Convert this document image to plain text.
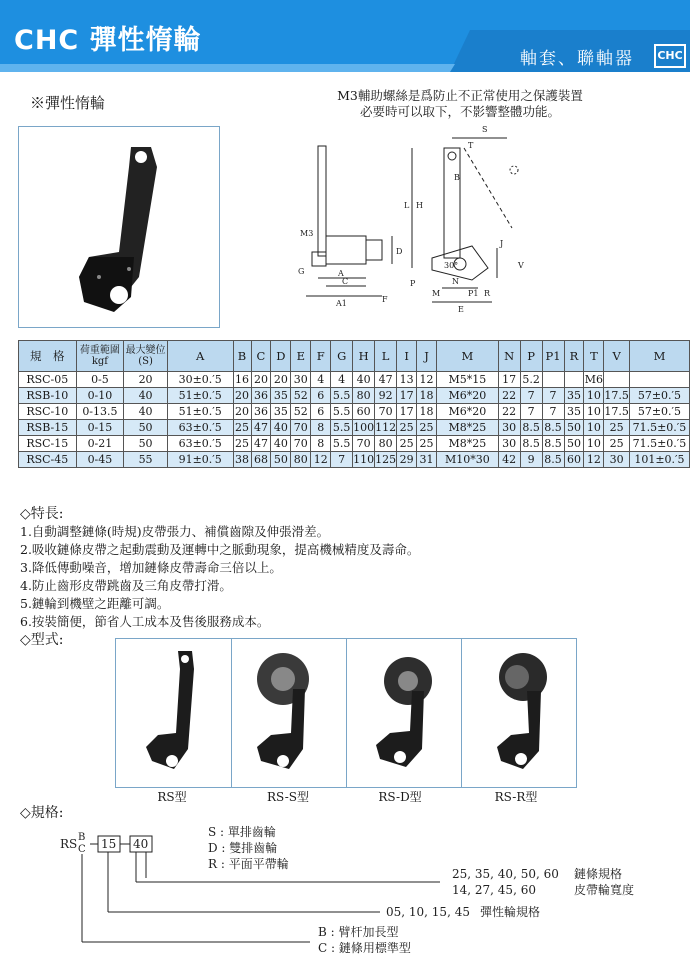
CHC 彈性惰輪
軸套、聯軸器	CHC
※彈性惰輪	M3輔助螺絲是爲防止不正常使用之保護裝置
必要時可以取下，不影響整體功能。
M3
A
A1
C
F
G
D
H
L
S
T
B
V
P	N
R
E
J
30°
P1
M
規　格	荷重範圍 kgf	最大變位 (S)	A	B	C	D	E	F	G	H	L	I	J	M	N	P	P1	R	T	V	M
RSC-05	0-5	20	30±0.′5	16	20	20	30	4	4	40	47	13	12	M5*15	17	5.2			M6		
RSB-10	0-10	40	51±0.′5	20	36	35	52	6	5.5	80	92	17	18	M6*20	22	7	7	35	10	17.5	57±0.′5
RSC-10	0-13.5	40	51±0.′5	20	36	35	52	6	5.5	60	70	17	18	M6*20	22	7	7	35	10	17.5	57±0.′5
RSB-15	0-15	50	63±0.′5	25	47	40	70	8	5.5	100	112	25	25	M8*25	30	8.5	8.5	50	10	25	71.5±0.′5
RSC-15	0-21	50	63±0.′5	25	47	40	70	8	5.5	70	80	25	25	M8*25	30	8.5	8.5	50	10	25	71.5±0.′5
RSC-45	0-45	55	91±0.′5	38	68	50	80	12	7	110	125	29	31	M10*30	42	9	8.5	60	12	30	101±0.′5
◇特長:
1.自動調整鏈條(時規)皮帶張力、補償齒隙及伸張滑差。
2.吸收鏈條皮帶之起動震動及運轉中之脈動現象，提高機械精度及壽命。
3.降低傳動噪音，增加鏈條皮帶壽命三倍以上。
4.防止齒形皮帶跳齒及三角皮帶打滑。
5.鏈輪到機壁之距離可調。
6.按裝簡便，節省人工成本及售後服務成本。
◇型式:
RS型	RS-S型	RS-D型	RS-R型
◇規格:
RS B
C 15 40
S : 單排齒輪
D : 雙排齒輪
R : 平面平帶輪
25, 35, 40, 50, 60 鏈條規格
14, 27, 45, 60	皮帶輪寬度
05, 10, 15, 45 彈性輪規格
B : 臂杆加長型
C : 鏈條用標準型
